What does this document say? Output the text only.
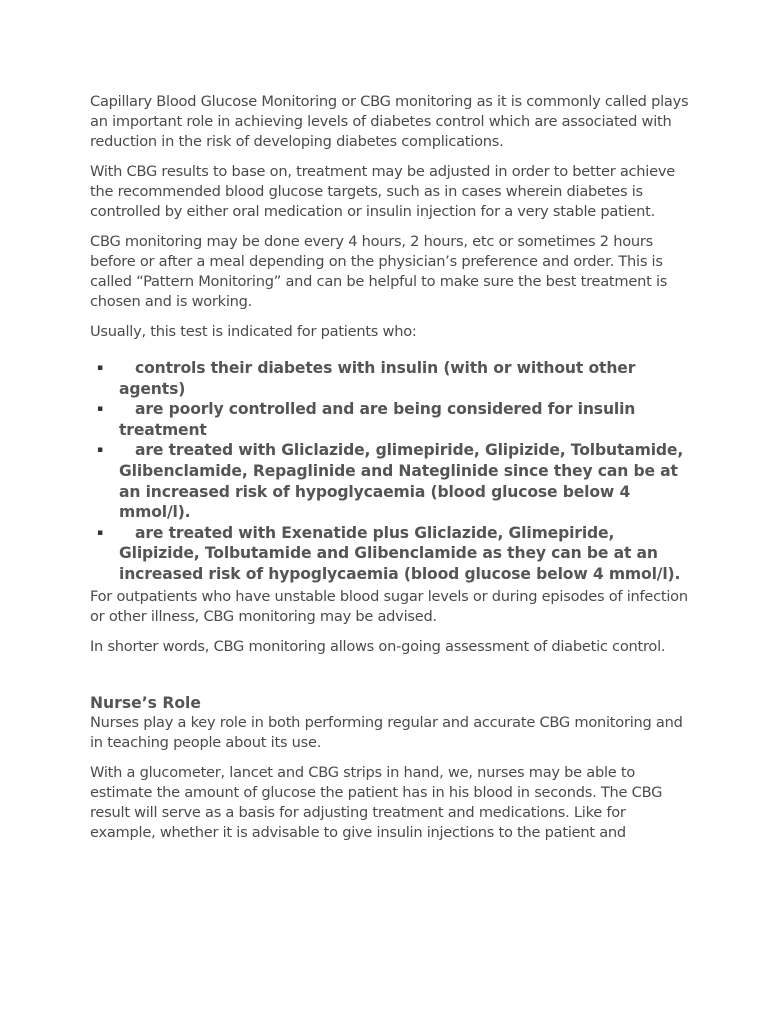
Capillary Blood Glucose Monitoring or CBG monitoring as it is commonly called plays an important role in achieving levels of diabetes control which are associated with reduction in the risk of developing diabetes complications.

With CBG results to base on, treatment may be adjusted in order to better achieve the recommended blood glucose targets, such as in cases wherein diabetes is controlled by either oral medication or insulin injection for a very stable patient.

CBG monitoring may be done every 4 hours, 2 hours, etc or sometimes 2 hours before or after a meal depending on the physician’s preference and order. This is called “Pattern Monitoring” and can be helpful to make sure the best treatment is chosen and is working.

Usually, this test is indicated for patients who:

▪ controls their diabetes with insulin (with or without other agents)
▪ are poorly controlled and are being considered for insulin treatment
▪ are treated with Gliclazide, glimepiride, Glipizide, Tolbutamide, Glibenclamide, Repaglinide and Nateglinide since they can be at an increased risk of hypoglycaemia (blood glucose below 4 mmol/l).
▪ are treated with Exenatide plus Gliclazide, Glimepiride, Glipizide, Tolbutamide and Glibenclamide as they can be at an increased risk of hypoglycaemia (blood glucose below 4 mmol/l).

For outpatients who have unstable blood sugar levels or during episodes of infection or other illness, CBG monitoring may be advised.

In shorter words, CBG monitoring allows on-going assessment of diabetic control.

Nurse’s Role

Nurses play a key role in both performing regular and accurate CBG monitoring and in teaching people about its use.

With a glucometer, lancet and CBG strips in hand, we, nurses may be able to estimate the amount of glucose the patient has in his blood in seconds. The CBG result will serve as a basis for adjusting treatment and medications. Like for example, whether it is advisable to give insulin injections to the patient and
